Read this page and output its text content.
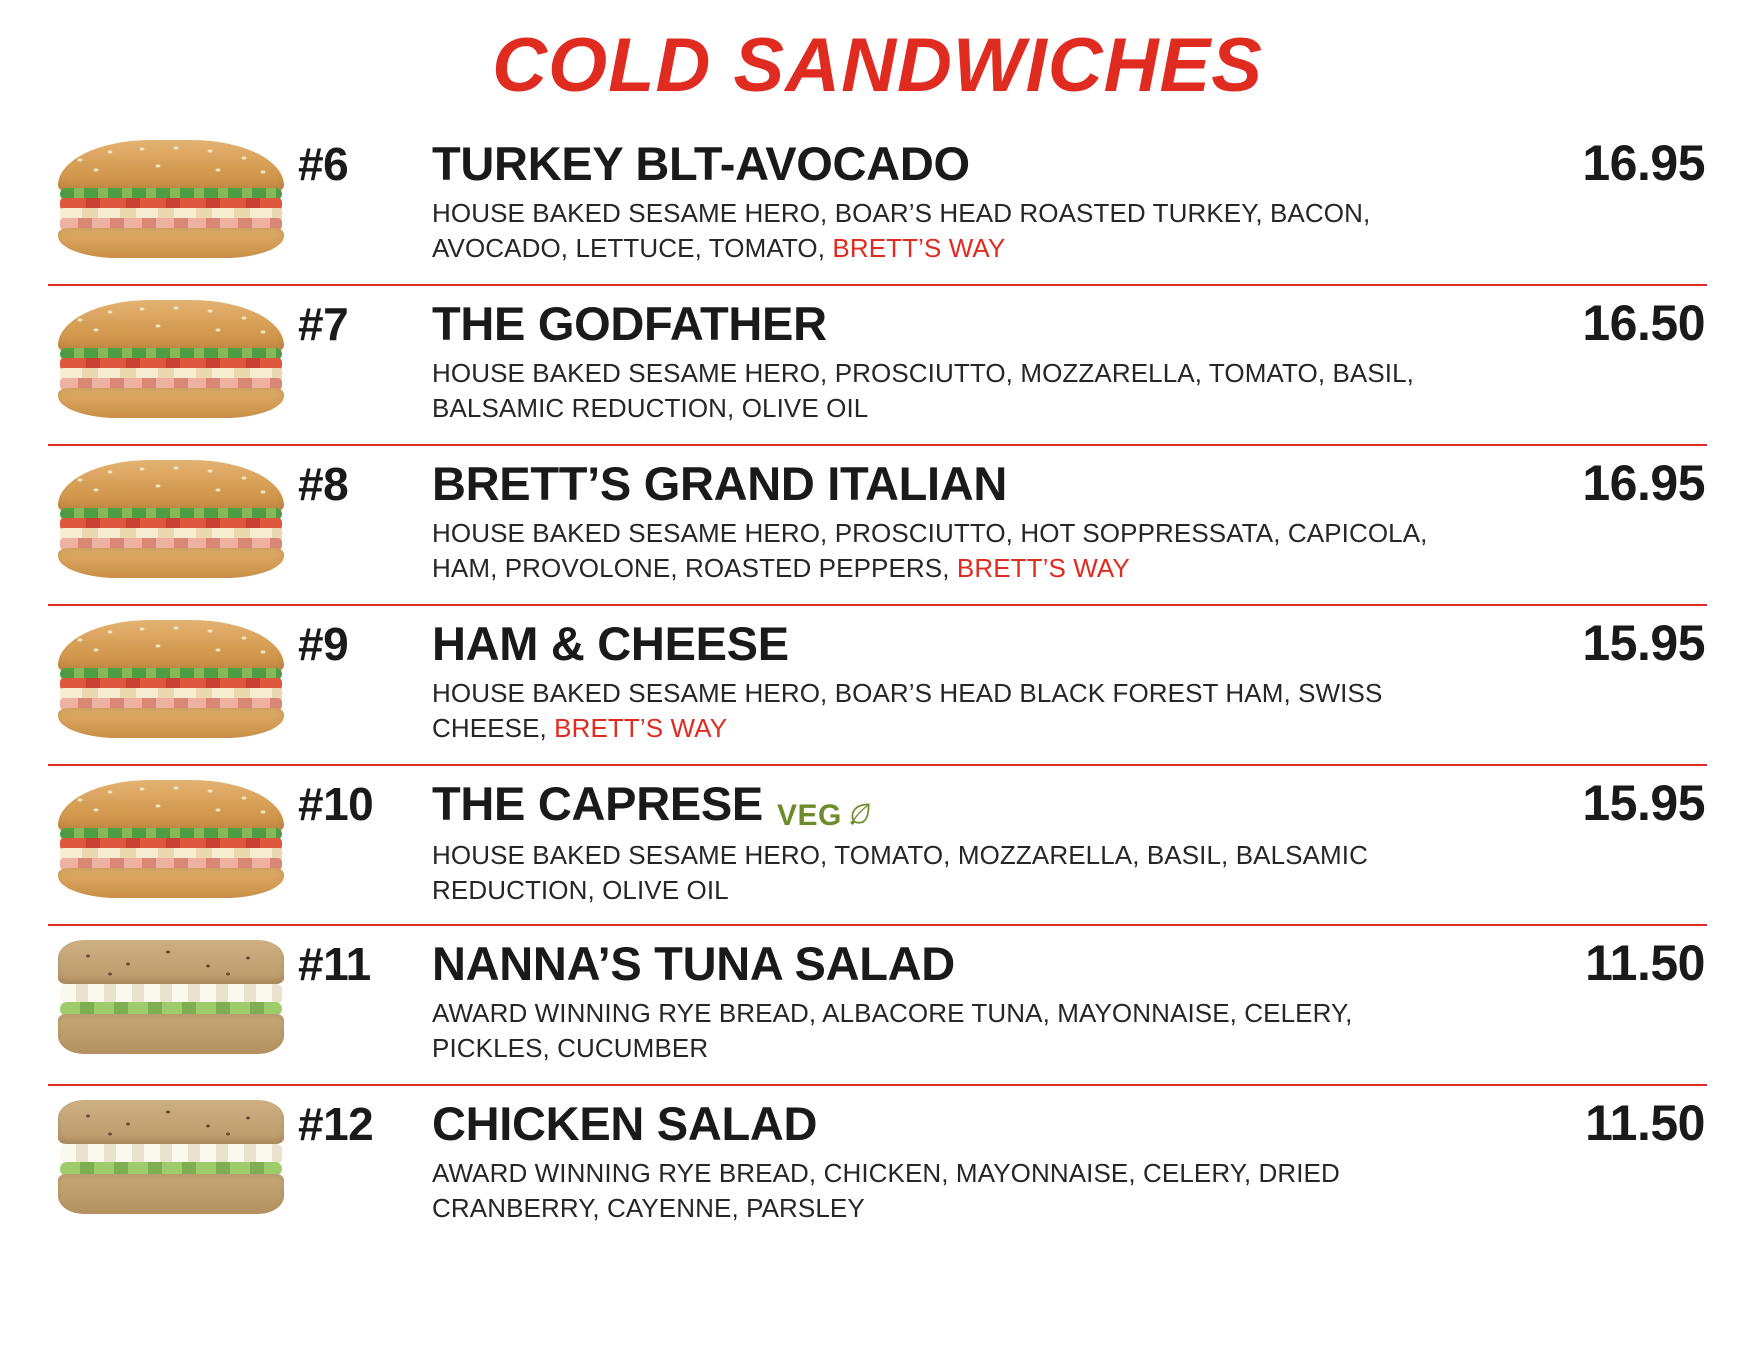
COLD SANDWICHES
#6	TURKEY BLT-AVOCADO
HOUSE BAKED SESAME HERO, BOAR’S HEAD ROASTED TURKEY, BACON, AVOCADO, LETTUCE, TOMATO, BRETT’S WAY
16.95
#7	THE GODFATHER
HOUSE BAKED SESAME HERO, PROSCIUTTO, MOZZARELLA, TOMATO, BASIL, BALSAMIC REDUCTION, OLIVE OIL
16.50
#8	BRETT’S GRAND ITALIAN
HOUSE BAKED SESAME HERO, PROSCIUTTO, HOT SOPPRESSATA, CAPICOLA, HAM, PROVOLONE, ROASTED PEPPERS, BRETT’S WAY
16.95
#9	HAM & CHEESE
HOUSE BAKED SESAME HERO, BOAR’S HEAD BLACK FOREST HAM, SWISS CHEESE, BRETT’S WAY
15.95
#10	THE CAPRESE VEG
HOUSE BAKED SESAME HERO, TOMATO, MOZZARELLA, BASIL, BALSAMIC REDUCTION, OLIVE OIL
15.95
#11	NANNA’S TUNA SALAD
AWARD WINNING RYE BREAD, ALBACORE TUNA, MAYONNAISE, CELERY, PICKLES, CUCUMBER
11.50
#12	CHICKEN SALAD
AWARD WINNING RYE BREAD, CHICKEN, MAYONNAISE, CELERY, DRIED CRANBERRY, CAYENNE, PARSLEY
11.50
